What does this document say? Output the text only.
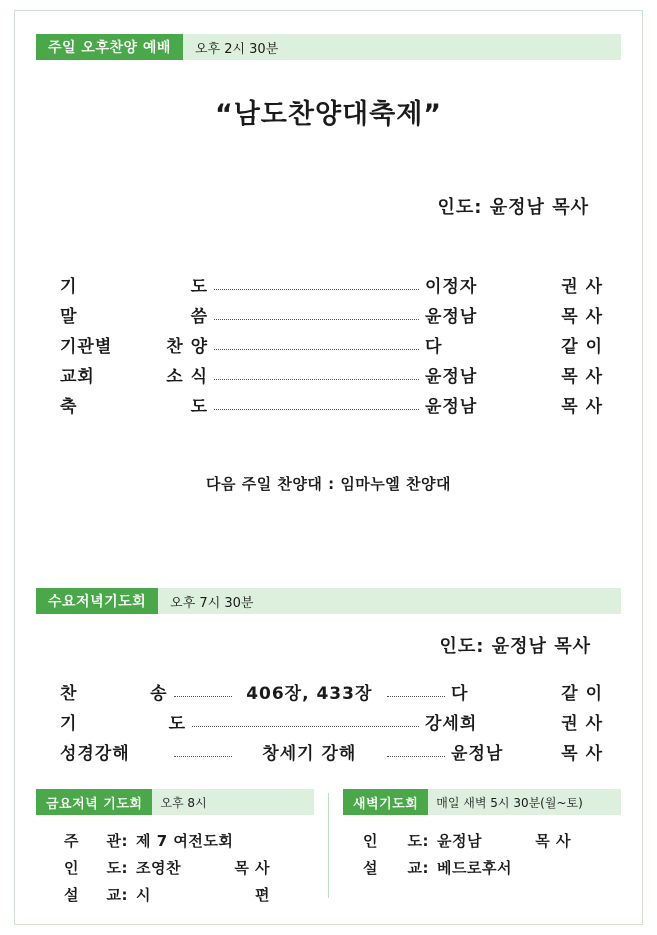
주일 오후찬양 예배	오후 2시 30분
“남도찬양대축제”
인도: 윤정남 목사
기	도	이정자	권 사
말	씀	윤정남	목 사
기관별	찬 양	다	같 이
교회	소 식	윤정남	목 사
축	도	윤정남	목 사
다음 주일 찬양대 : 임마누엘 찬양대
수요저녁기도회	오후 7시 30분
인도: 윤정남 목사
찬	송	406장, 433장	다	같 이
기	도	강세희	권 사
성경강해	창세기 강해	윤정남	목 사
금요저녁 기도회	오후 8시
주 관: 제 7 여전도회
인 도: 조영찬	목 사
설 교: 시	편
새벽기도회	매일 새벽 5시 30분(월~토)
인 도: 윤정남	목 사
설 교: 베드로후서
